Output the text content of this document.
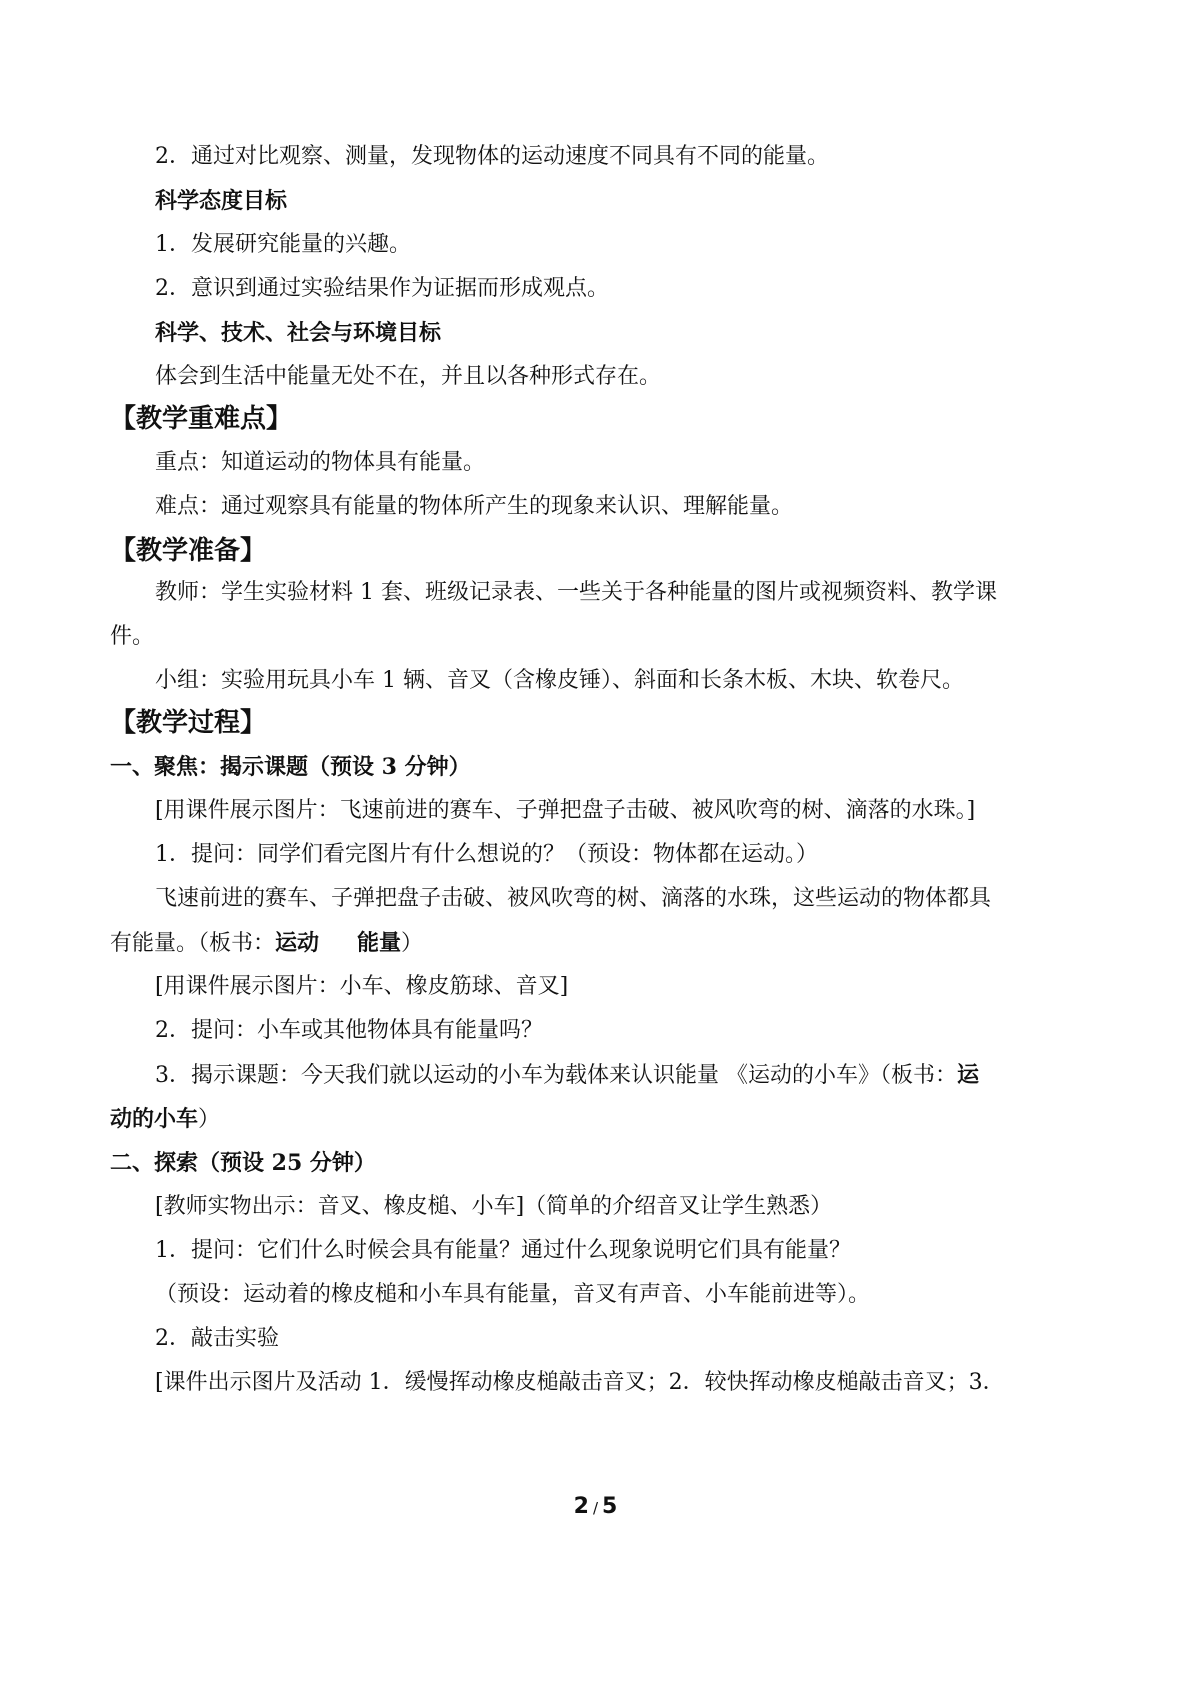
2．通过对比观察、测量，发现物体的运动速度不同具有不同的能量。
科学态度目标
1．发展研究能量的兴趣。
2．意识到通过实验结果作为证据而形成观点。
科学、技术、社会与环境目标
体会到生活中能量无处不在，并且以各种形式存在。
【教学重难点】
重点：知道运动的物体具有能量。
难点：通过观察具有能量的物体所产生的现象来认识、理解能量。
【教学准备】
教师：学生实验材料 1 套、班级记录表、一些关于各种能量的图片或视频资料、教学课
件。
小组：实验用玩具小车 1 辆、音叉（含橡皮锤）、斜面和长条木板、木块、软卷尺。
【教学过程】
一、聚焦：揭示课题（预设 3 分钟）
[用课件展示图片：飞速前进的赛车、子弹把盘子击破、被风吹弯的树、滴落的水珠。]
1．提问：同学们看完图片有什么想说的？（预设：物体都在运动。）
飞速前进的赛车、子弹把盘子击破、被风吹弯的树、滴落的水珠，这些运动的物体都具
有能量。（板书：运动 能量）
[用课件展示图片：小车、橡皮筋球、音叉]
2．提问：小车或其他物体具有能量吗？
3．揭示课题：今天我们就以运动的小车为载体来认识能量 《运动的小车》（板书：运
动的小车）
二、探索（预设 25 分钟）
[教师实物出示：音叉、橡皮槌、小车]（简单的介绍音叉让学生熟悉）
1．提问：它们什么时候会具有能量？通过什么现象说明它们具有能量？
（预设：运动着的橡皮槌和小车具有能量，音叉有声音、小车能前进等）。
2．敲击实验
[课件出示图片及活动 1．缓慢挥动橡皮槌敲击音叉；2．较快挥动橡皮槌敲击音叉；3．
2 / 5
